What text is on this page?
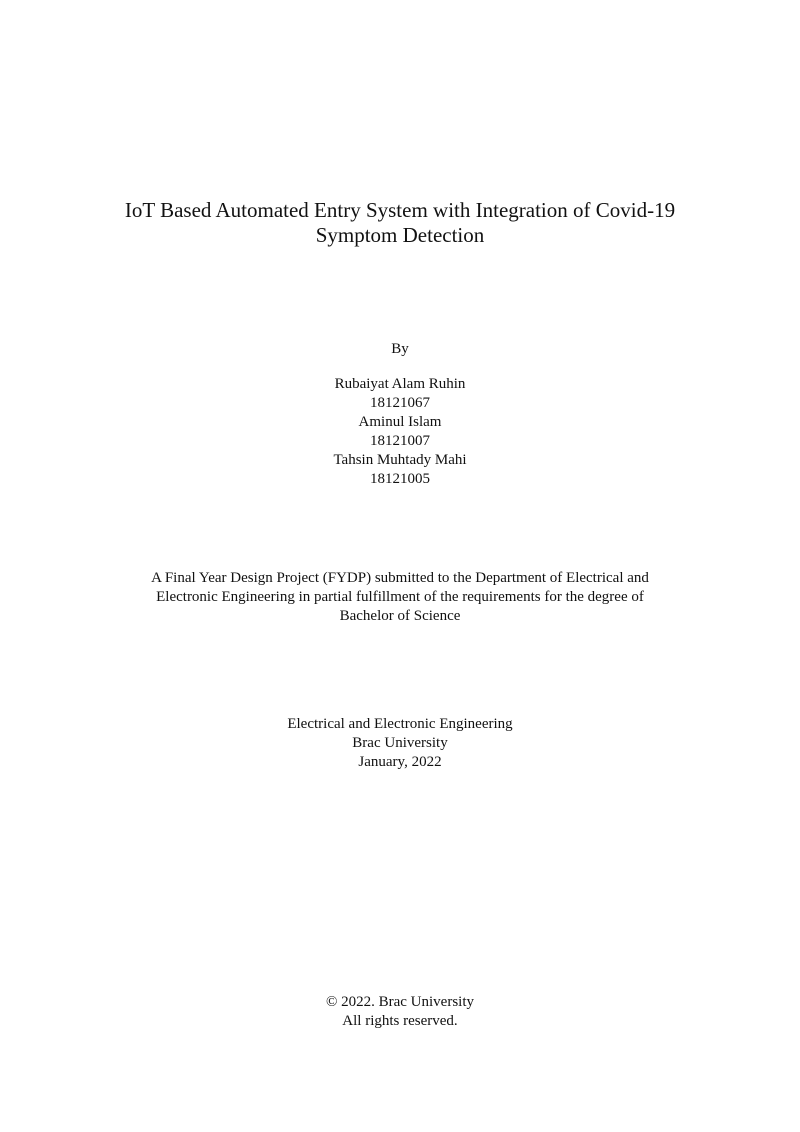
IoT Based Automated Entry System with Integration of Covid-19
Symptom Detection
By
Rubaiyat Alam Ruhin
18121067
Aminul Islam
18121007
Tahsin Muhtady Mahi
18121005
A Final Year Design Project (FYDP) submitted to the Department of Electrical and
Electronic Engineering in partial fulfillment of the requirements for the degree of
Bachelor of Science
Electrical and Electronic Engineering
Brac University
January, 2022
© 2022. Brac University
All rights reserved.
